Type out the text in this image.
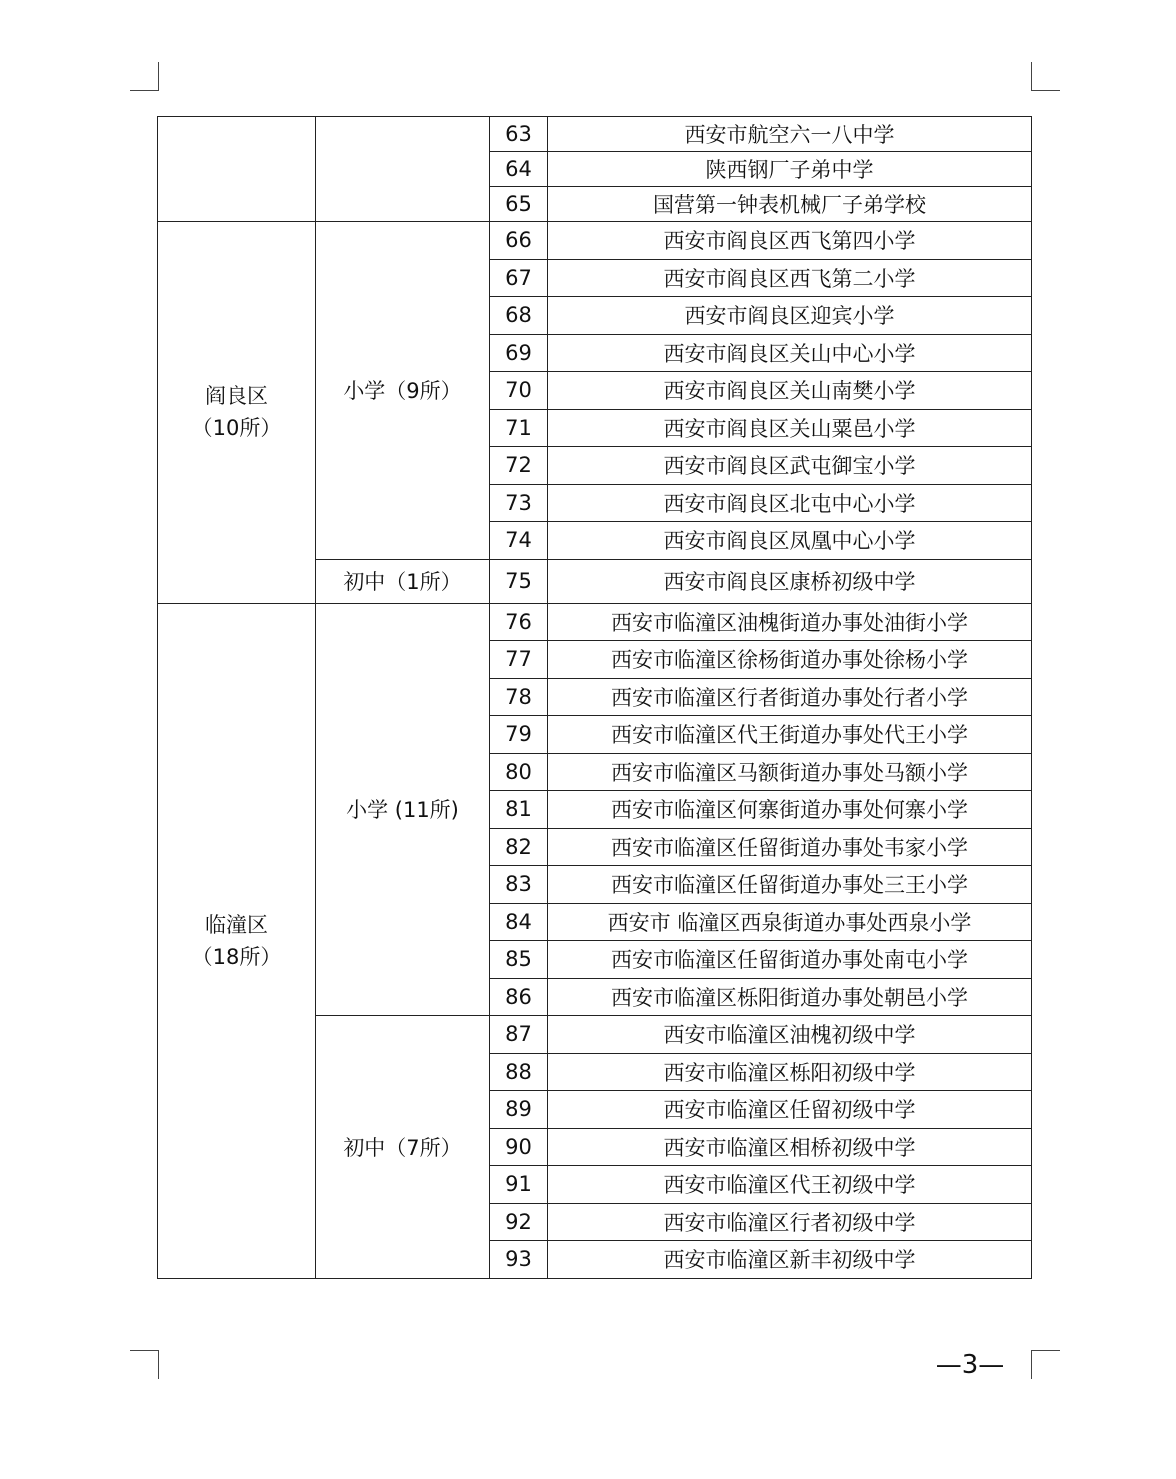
		63	西安市航空六一八中学
		64	陕西钢厂子弟中学
		65	国营第一钟表机械厂子弟学校

阎良区
（10所）	小学（9所）	66	西安市阎良区西飞第四小学
		67	西安市阎良区西飞第二小学
		68	西安市阎良区迎宾小学
		69	西安市阎良区关山中心小学
		70	西安市阎良区关山南樊小学
		71	西安市阎良区关山粟邑小学
		72	西安市阎良区武屯御宝小学
		73	西安市阎良区北屯中心小学
		74	西安市阎良区凤凰中心小学
	初中（1所）	75	西安市阎良区康桥初级中学

临潼区
（18所）	小学 (11所)	76	西安市临潼区油槐街道办事处油街小学
		77	西安市临潼区徐杨街道办事处徐杨小学
		78	西安市临潼区行者街道办事处行者小学
		79	西安市临潼区代王街道办事处代王小学
		80	西安市临潼区马额街道办事处马额小学
		81	西安市临潼区何寨街道办事处何寨小学
		82	西安市临潼区任留街道办事处韦家小学
		83	西安市临潼区任留街道办事处三王小学
		84	西安市 临潼区西泉街道办事处西泉小学
		85	西安市临潼区任留街道办事处南屯小学
		86	西安市临潼区栎阳街道办事处朝邑小学
	初中（7所）	87	西安市临潼区油槐初级中学
		88	西安市临潼区栎阳初级中学
		89	西安市临潼区任留初级中学
		90	西安市临潼区相桥初级中学
		91	西安市临潼区代王初级中学
		92	西安市临潼区行者初级中学
		93	西安市临潼区新丰初级中学
—3—
